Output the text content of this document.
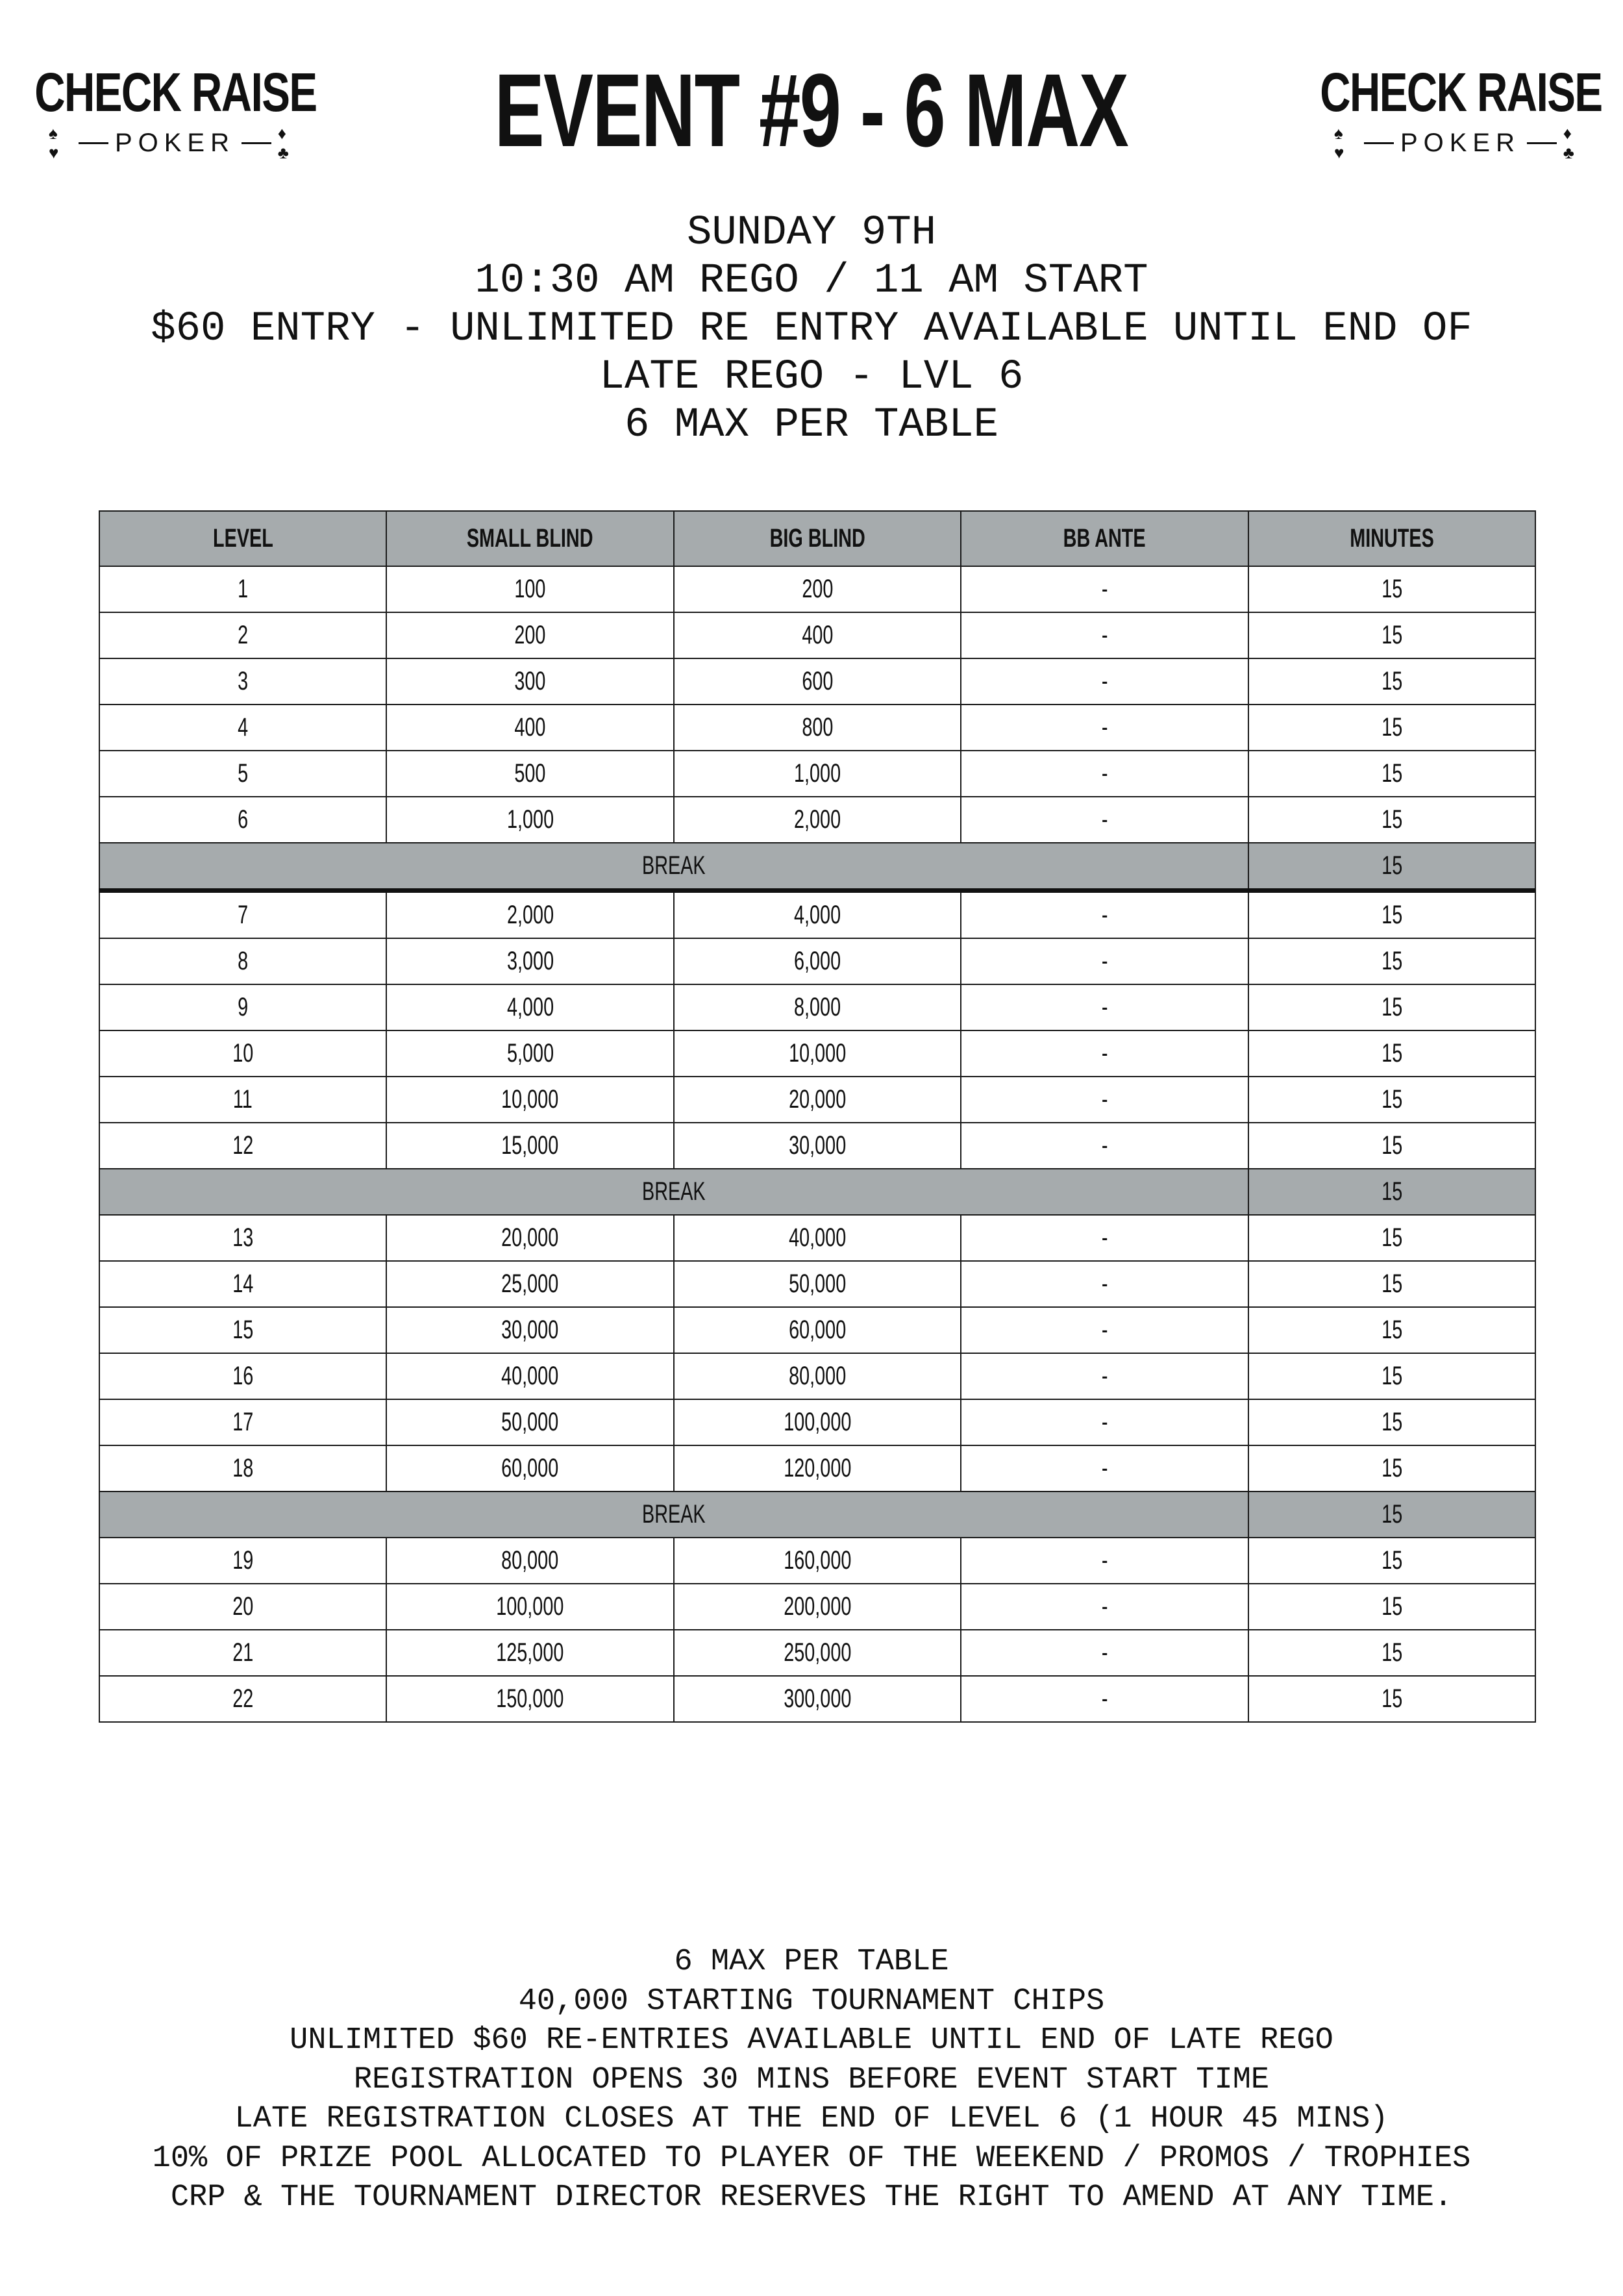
CHECK RAISE
♠ ♥	POKER	♦ ♣	EVENT #9 - 6 MAX	CHECK RAISE
♠ ♥	POKER	♦ ♣
SUNDAY 9TH
10:30 AM REGO / 11 AM START
$60 ENTRY - UNLIMITED RE ENTRY AVAILABLE UNTIL END OF
LATE REGO - LVL 6
6 MAX PER TABLE
LEVEL	SMALL BLIND	BIG BLIND	BB ANTE	MINUTES
1	100	200	-	15
2	200	400	-	15
3	300	600	-	15
4	400	800	-	15
5	500	1,000	-	15
6	1,000	2,000	-	15
BREAK				15
7	2,000	4,000	-	15
8	3,000	6,000	-	15
9	4,000	8,000	-	15
10	5,000	10,000	-	15
11	10,000	20,000	-	15
12	15,000	30,000	-	15
BREAK				15
13	20,000	40,000	-	15
14	25,000	50,000	-	15
15	30,000	60,000	-	15
16	40,000	80,000	-	15
17	50,000	100,000	-	15
18	60,000	120,000	-	15
BREAK				15
19	80,000	160,000	-	15
20	100,000	200,000	-	15
21	125,000	250,000	-	15
22	150,000	300,000	-	15
6 MAX PER TABLE
40,000 STARTING TOURNAMENT CHIPS
UNLIMITED $60 RE-ENTRIES AVAILABLE UNTIL END OF LATE REGO
REGISTRATION OPENS 30 MINS BEFORE EVENT START TIME
LATE REGISTRATION CLOSES AT THE END OF LEVEL 6 (1 HOUR 45 MINS)
10% OF PRIZE POOL ALLOCATED TO PLAYER OF THE WEEKEND / PROMOS / TROPHIES
CRP & THE TOURNAMENT DIRECTOR RESERVES THE RIGHT TO AMEND AT ANY TIME.
